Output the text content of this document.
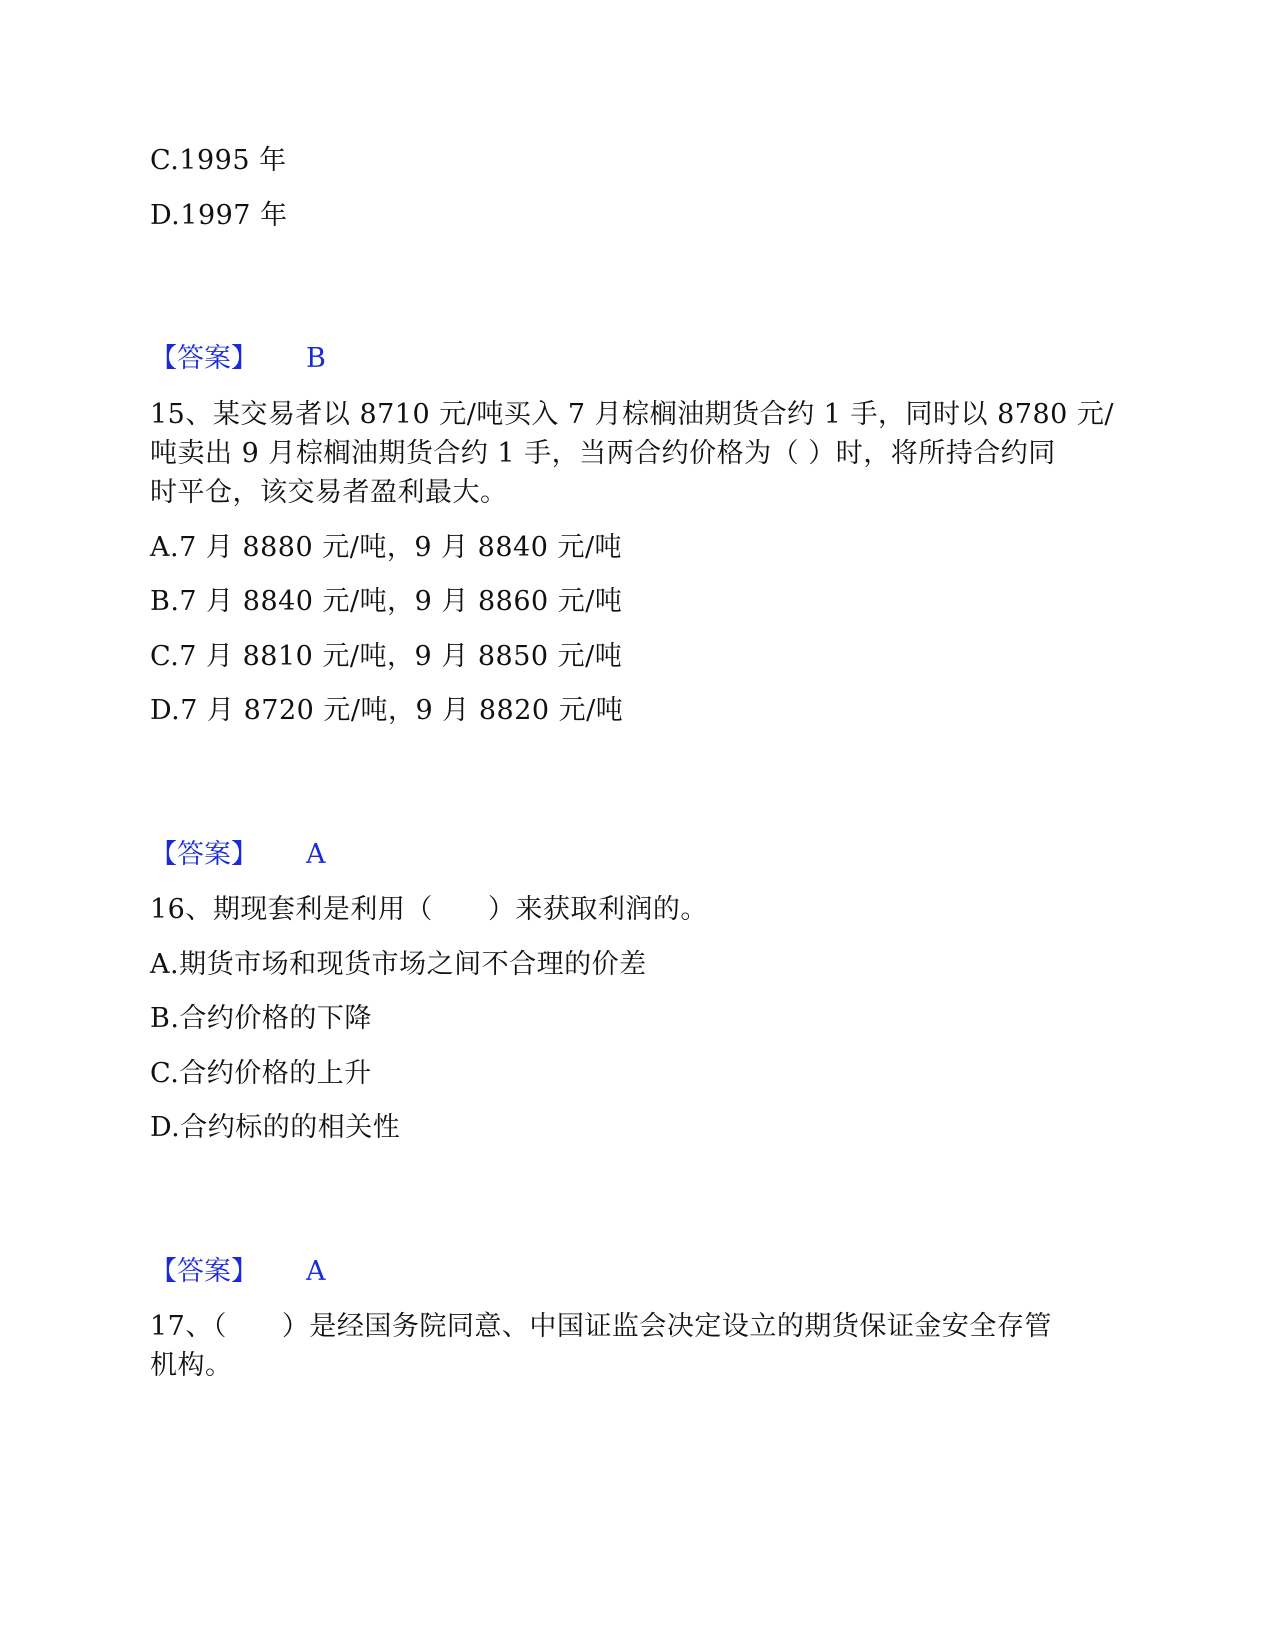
C.1995 年
D.1997 年
【答案】 B
15、某交易者以 8710 元/吨买入 7 月棕榈油期货合约 1 手，同时以 8780 元/
吨卖出 9 月棕榈油期货合约 1 手，当两合约价格为（ ）时，将所持合约同
时平仓，该交易者盈利最大。
A.7 月 8880 元/吨，9 月 8840 元/吨
B.7 月 8840 元/吨，9 月 8860 元/吨
C.7 月 8810 元/吨，9 月 8850 元/吨
D.7 月 8720 元/吨，9 月 8820 元/吨
【答案】 A
16、期现套利是利用（　　）来获取利润的。
A.期货市场和现货市场之间不合理的价差
B.合约价格的下降
C.合约价格的上升
D.合约标的的相关性
【答案】 A
17、（　　）是经国务院同意、中国证监会决定设立的期货保证金安全存管
机构。
